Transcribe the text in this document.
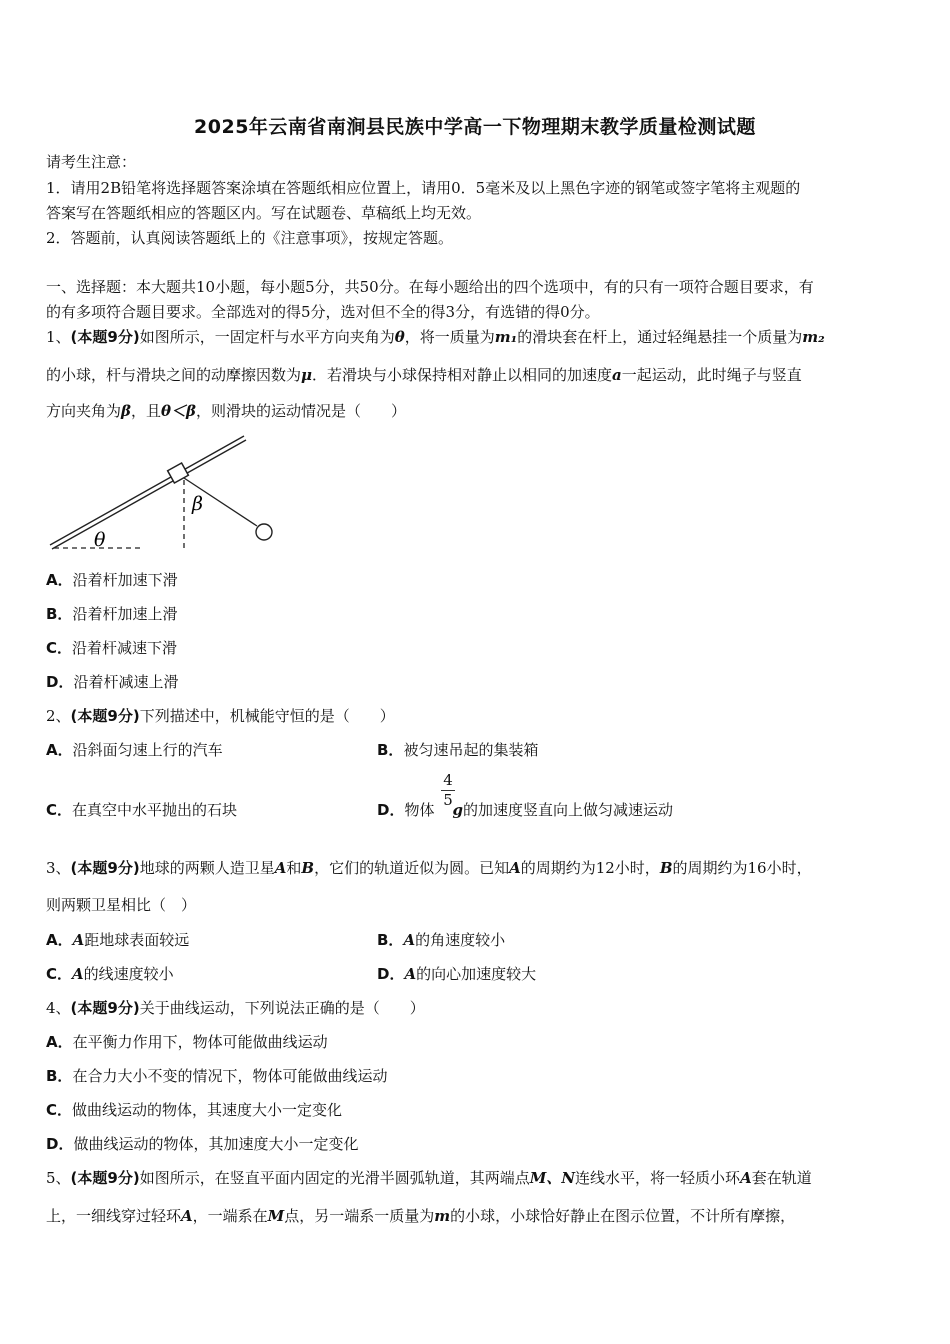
2025年云南省南涧县民族中学高一下物理期末教学质量检测试题
请考生注意：
1．请用2B铅笔将选择题答案涂填在答题纸相应位置上，请用0．5毫米及以上黑色字迹的钢笔或签字笔将主观题的
答案写在答题纸相应的答题区内。写在试题卷、草稿纸上均无效。
2．答题前，认真阅读答题纸上的《注意事项》，按规定答题。
一、选择题：本大题共10小题，每小题5分，共50分。在每小题给出的四个选项中，有的只有一项符合题目要求，有
的有多项符合题目要求。全部选对的得5分，选对但不全的得3分，有选错的得0分。
1、(本题9分)如图所示，一固定杆与水平方向夹角为θ，将一质量为m₁的滑块套在杆上，通过轻绳悬挂一个质量为m₂
的小球，杆与滑块之间的动摩擦因数为μ．若滑块与小球保持相对静止以相同的加速度a一起运动，此时绳子与竖直
方向夹角为β，且θ＜β，则滑块的运动情况是（　　）
θ
β
A．沿着杆加速下滑
B．沿着杆加速上滑
C．沿着杆减速下滑
D．沿着杆减速上滑
2、(本题9分)下列描述中，机械能守恒的是（　　）
A．沿斜面匀速上行的汽车	B．被匀速吊起的集装箱
C．在真空中水平抛出的石块	D．物体 g的加速度竖直向上做匀减速运动
4
5
3、(本题9分)地球的两颗人造卫星A和B，它们的轨道近似为圆。已知A的周期约为12小时，B的周期约为16小时，
则两颗卫星相比（　）
A．A距地球表面较远	B．A的角速度较小
C．A的线速度较小	D．A的向心加速度较大
4、(本题9分)关于曲线运动，下列说法正确的是（　　）
A．在平衡力作用下，物体可能做曲线运动
B．在合力大小不变的情况下，物体可能做曲线运动
C．做曲线运动的物体，其速度大小一定变化
D．做曲线运动的物体，其加速度大小一定变化
5、(本题9分)如图所示，在竖直平面内固定的光滑半圆弧轨道，其两端点M、N连线水平，将一轻质小环A套在轨道
上，一细线穿过轻环A，一端系在M点，另一端系一质量为m的小球，小球恰好静止在图示位置，不计所有摩擦，
